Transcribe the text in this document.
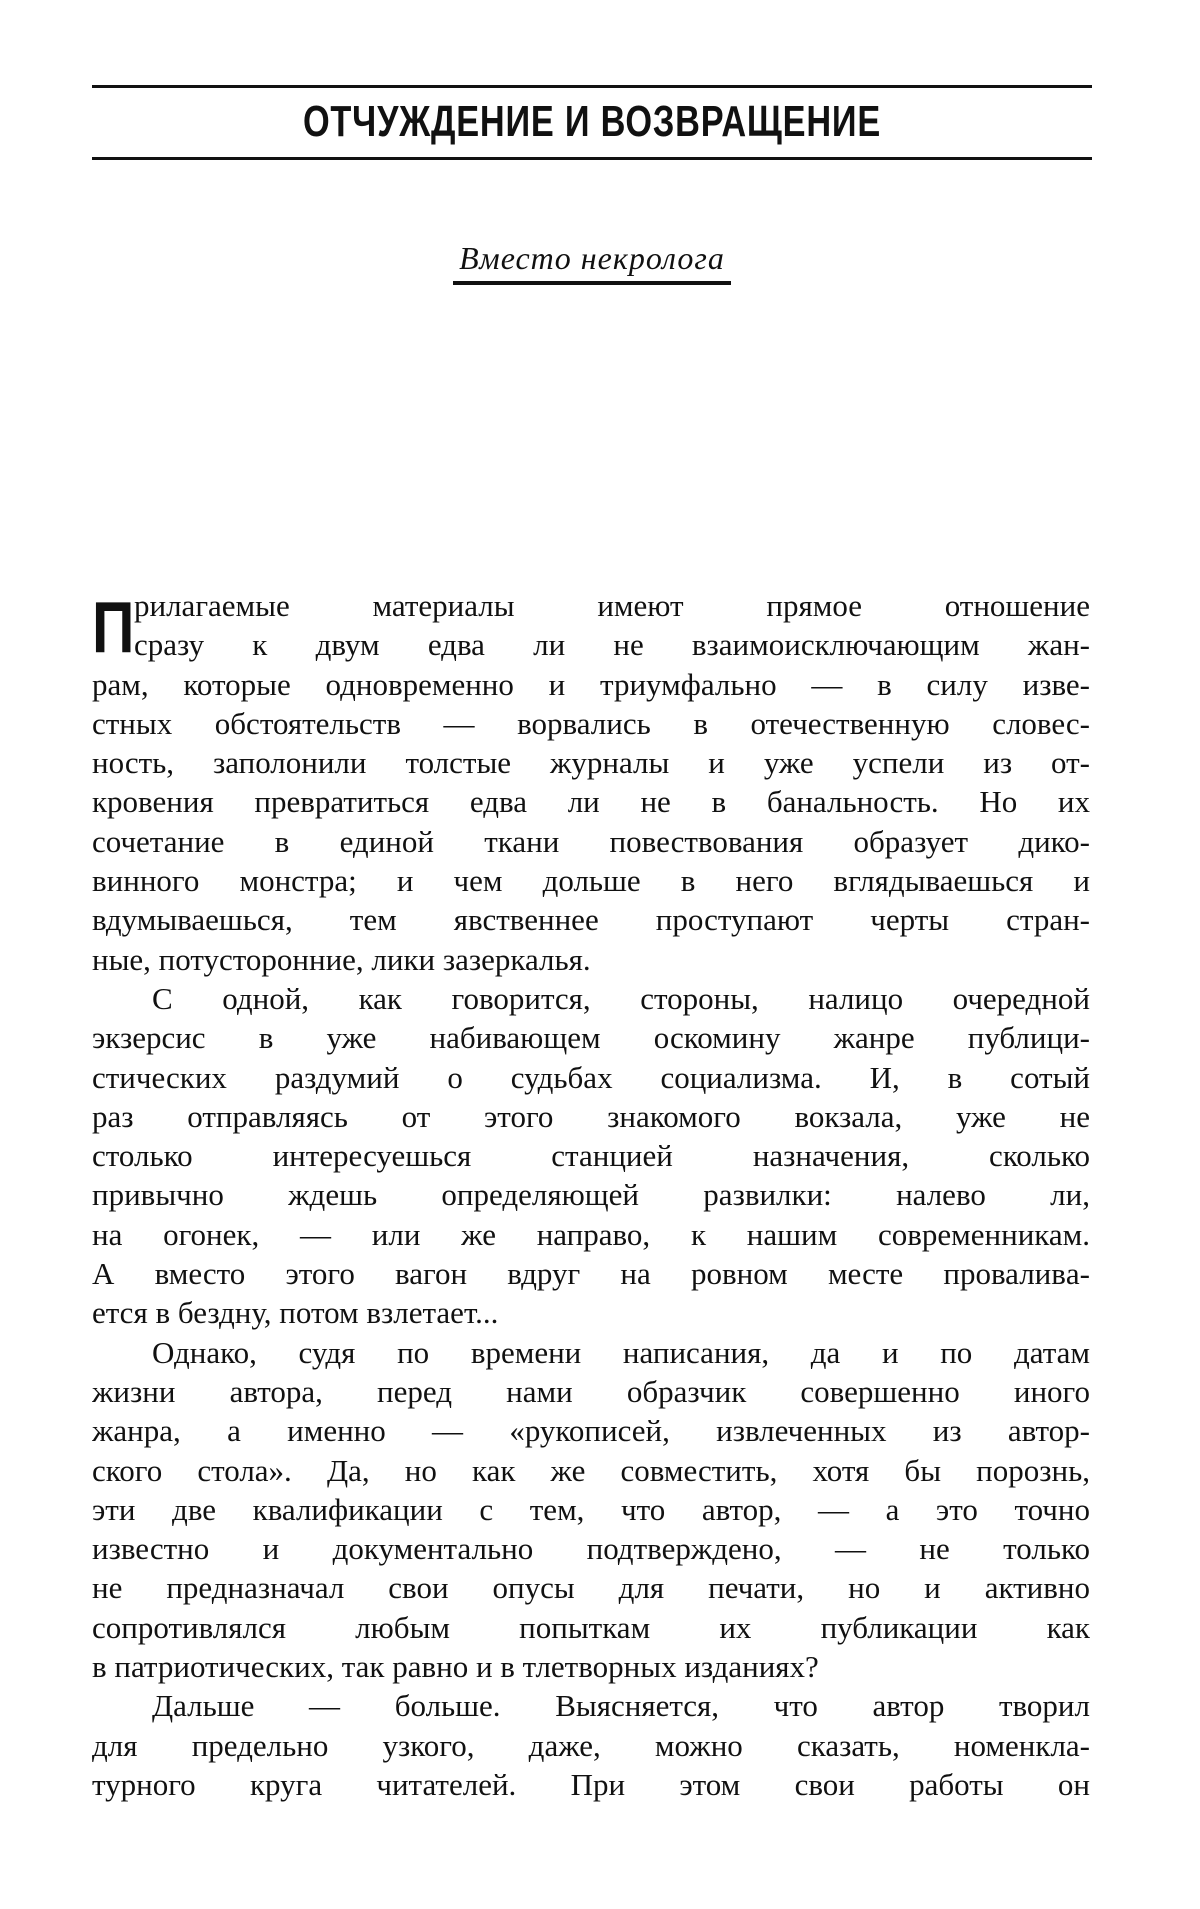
ОТЧУЖДЕНИЕ И ВОЗВРАЩЕНИЕ
Вместо некролога
П рилагаемые материалы имеют прямое отношение
сразу к двум едва ли не взаимоисключающим жан-
рам, которые одновременно и триумфально — в силу изве-
стных обстоятельств — ворвались в отечественную словес-
ность, заполонили толстые журналы и уже успели из от-
кровения превратиться едва ли не в банальность. Но их
сочетание в единой ткани повествования образует дико-
винного монстра; и чем дольше в него вглядываешься и
вдумываешься, тем явственнее проступают черты стран-
ные, потусторонние, лики зазеркалья.
С одной, как говорится, стороны, налицо очередной
экзерсис в уже набивающем оскомину жанре публици-
стических раздумий о судьбах социализма. И, в сотый
раз отправляясь от этого знакомого вокзала, уже не
столько интересуешься станцией назначения, сколько
привычно ждешь определяющей развилки: налево ли,
на огонек, — или же направо, к нашим современникам.
А вместо этого вагон вдруг на ровном месте проваливa-
ется в бездну, потом взлетает...
Однако, судя по времени написания, да и по датам
жизни автора, перед нами образчик совершенно иного
жанра, а именно — «рукописей, извлеченных из автор-
ского стола». Да, но как же совместить, хотя бы порознь,
эти две квалификации с тем, что автор, — а это точно
известно и документально подтверждено, — не только
не предназначал свои опусы для печати, но и активно
сопротивлялся любым попыткам их публикации как
в патриотических, так равно и в тлетворных изданиях?
Дальше — больше. Выясняется, что автор творил
для предельно узкого, даже, можно сказать, номенкла-
турного круга читателей. При этом свои работы он
